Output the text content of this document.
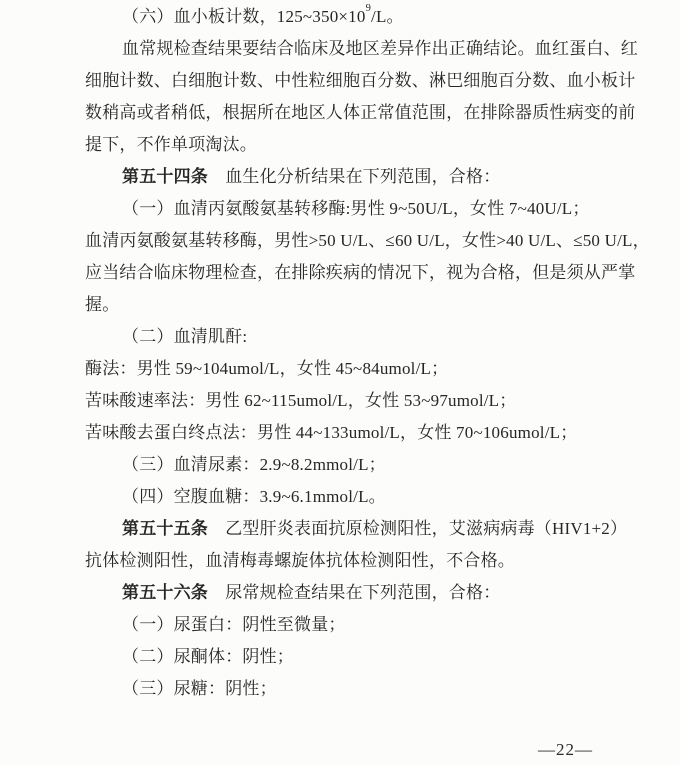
（六）血小板计数，$125\sim 350\times 10^9/L$。
血常规检查结果要结合临床及地区差异作出正确结论。血红蛋白、红
细胞计数、白细胞计数、中性粒细胞百分数、淋巴细胞百分数、血小板计
数稍高或者稍低，根据所在地区人体正常值范围，在排除器质性病变的前
提下，不作单项淘汰。
第五十四条　血生化分析结果在下列范围，合格：
（一）血清丙氨酸氨基转移酶:男性 9~50U/L，女性 7~40U/L；
血清丙氨酸氨基转移酶，男性>50 U/L、≤60 U/L，女性>40 U/L、≤50 U/L，
应当结合临床物理检查，在排除疾病的情况下，视为合格，但是须从严掌
握。
（二）血清肌酐:
酶法：男性 59~104umol/L，女性 45~84umol/L；
苦味酸速率法：男性 62~115umol/L，女性 53~97umol/L；
苦味酸去蛋白终点法：男性 44~133umol/L，女性 70~106umol/L；
（三）血清尿素：2.9~8.2mmol/L；
（四）空腹血糖：3.9~6.1mmol/L。
第五十五条　乙型肝炎表面抗原检测阳性，艾滋病病毒（HIV1+2）
抗体检测阳性，血清梅毒螺旋体抗体检测阳性，不合格。
第五十六条　尿常规检查结果在下列范围，合格：
（一）尿蛋白：阴性至微量；
（二）尿酮体：阴性；
（三）尿糖：阴性；
—22—
